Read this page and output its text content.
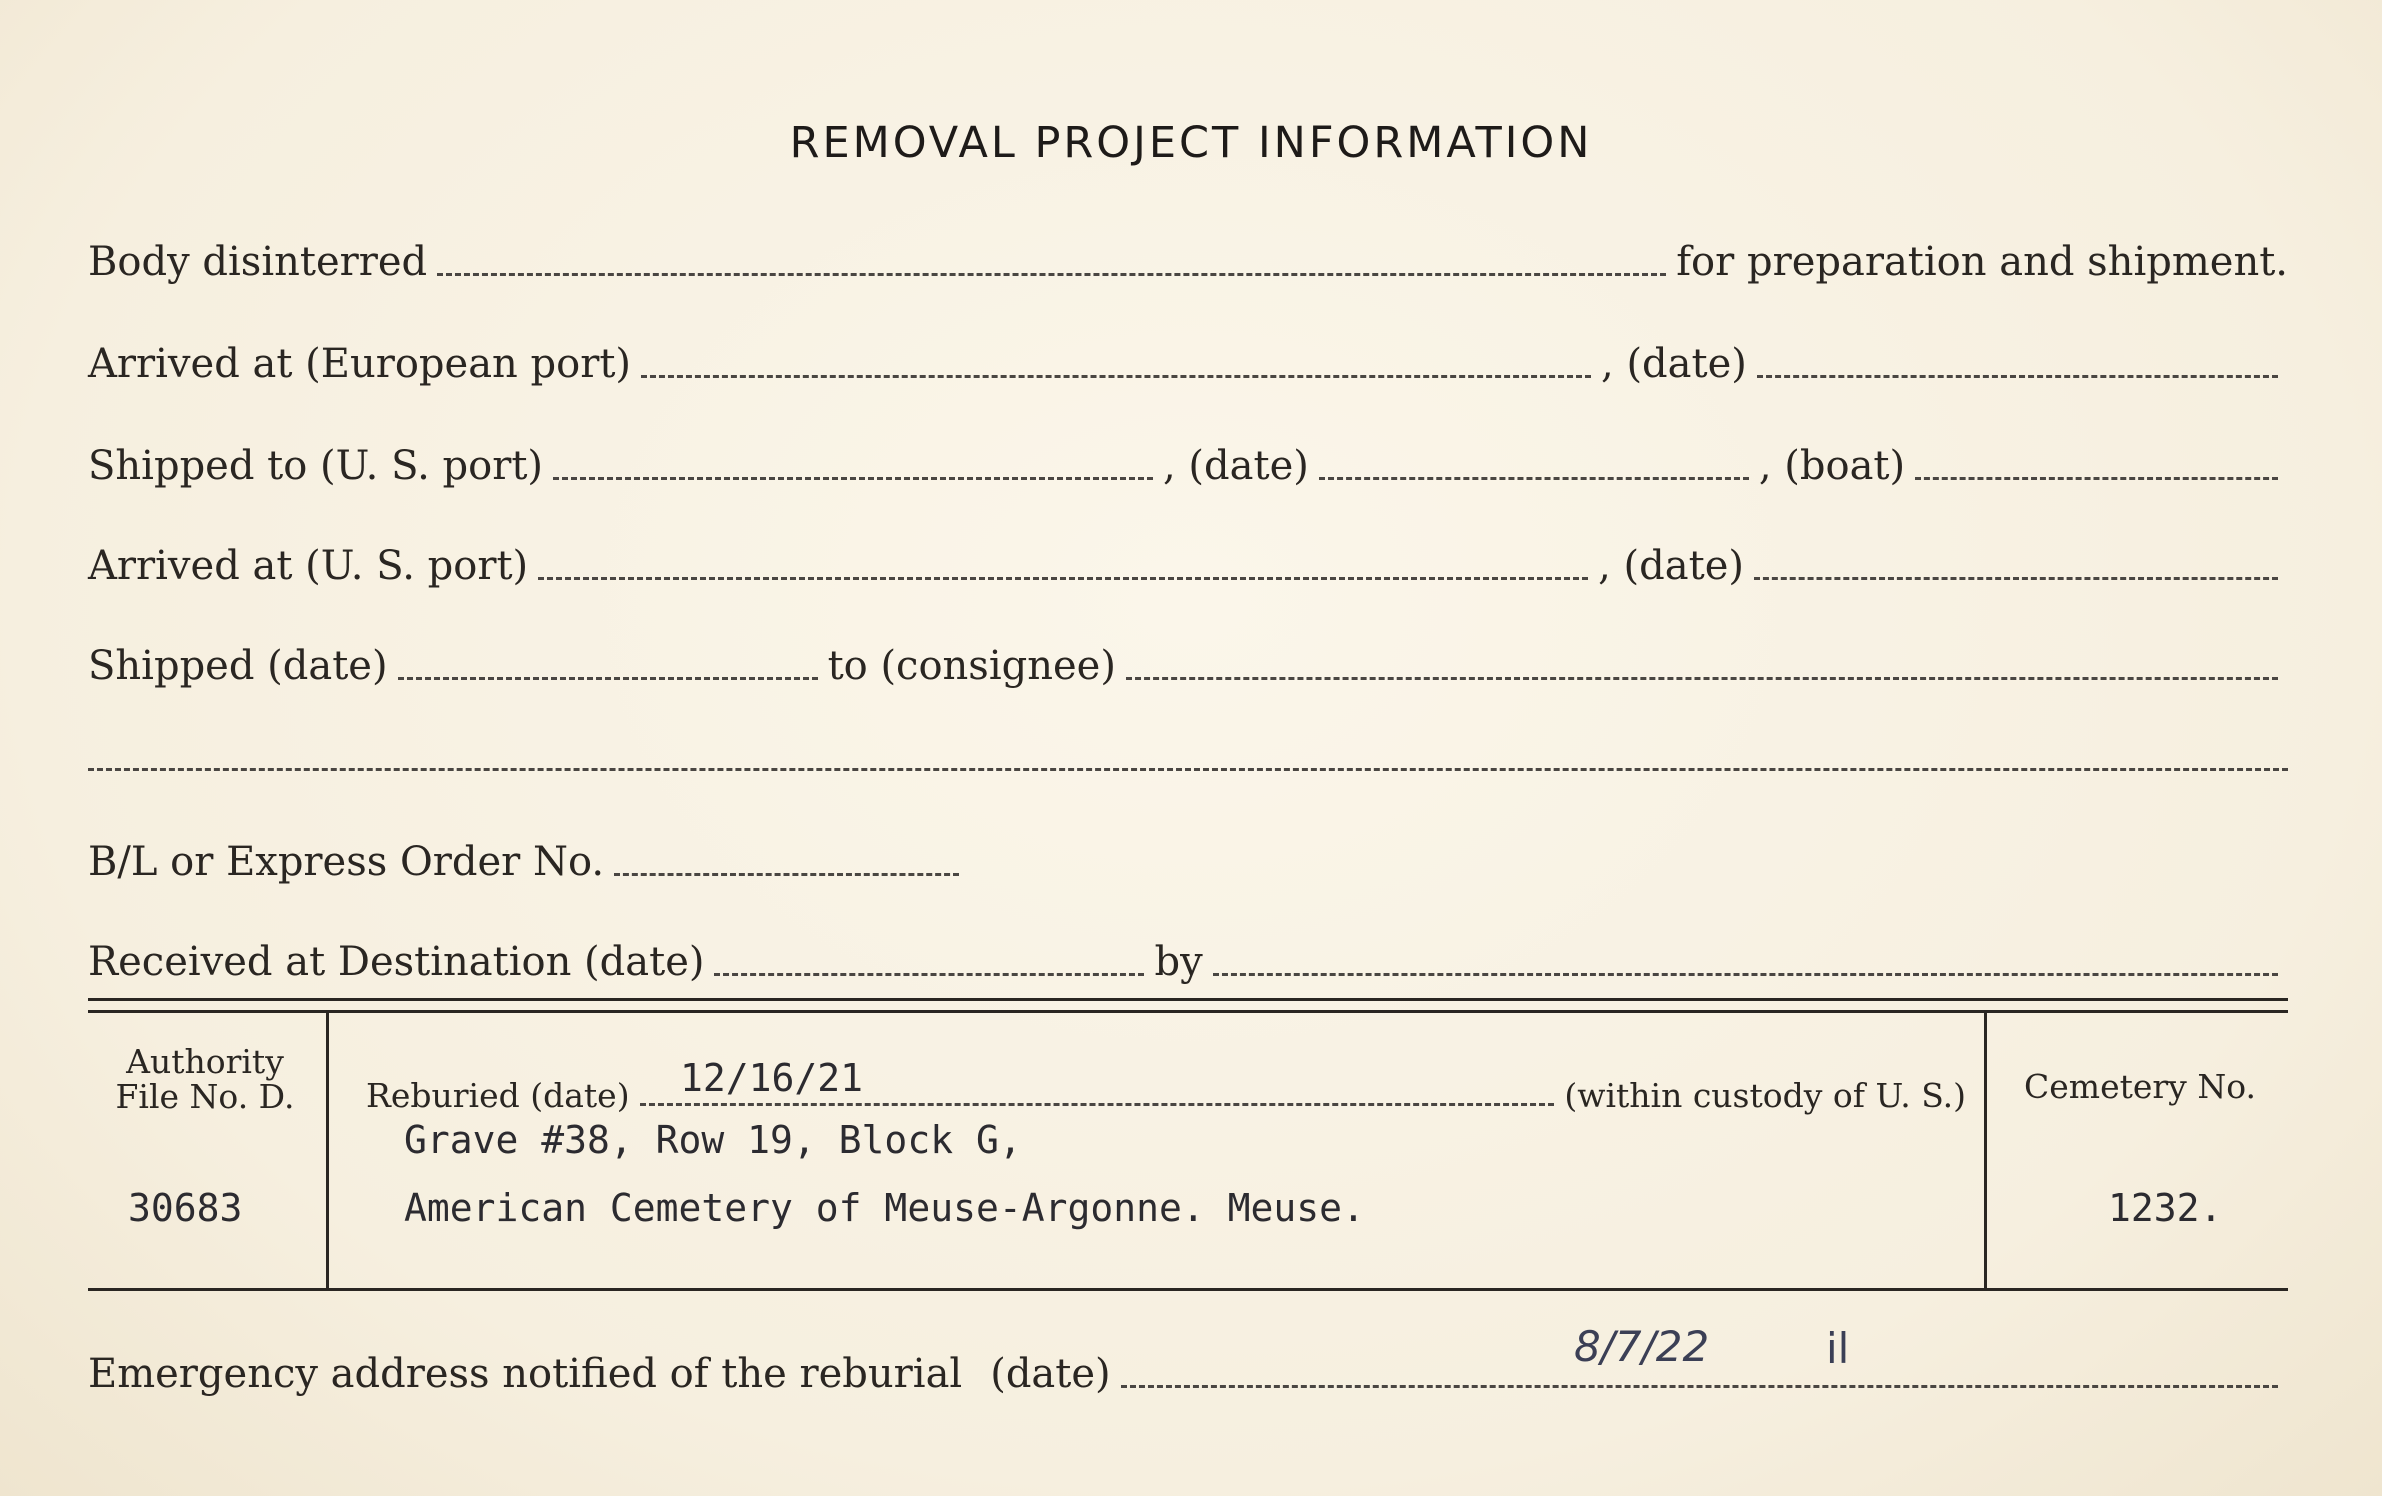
REMOVAL PROJECT INFORMATION
Body disinterred	for preparation and shipment.
Arrived at (European port)	, (date)
Shipped to (U. S. port)	, (date)	, (boat)
Arrived at (U. S. port)	, (date)
Shipped (date)	to (consignee)
B/L or Express Order No.
Received at Destination (date)	by
Authority
File No. D.
30683
Reburied (date)	(within custody of U. S.)
12/16/21
Grave #38, Row 19, Block G,
American Cemetery of Meuse-Argonne. Meuse.
Cemetery No.
1232.
Emergency address notified of the reburial (date)
8/7/22	il
